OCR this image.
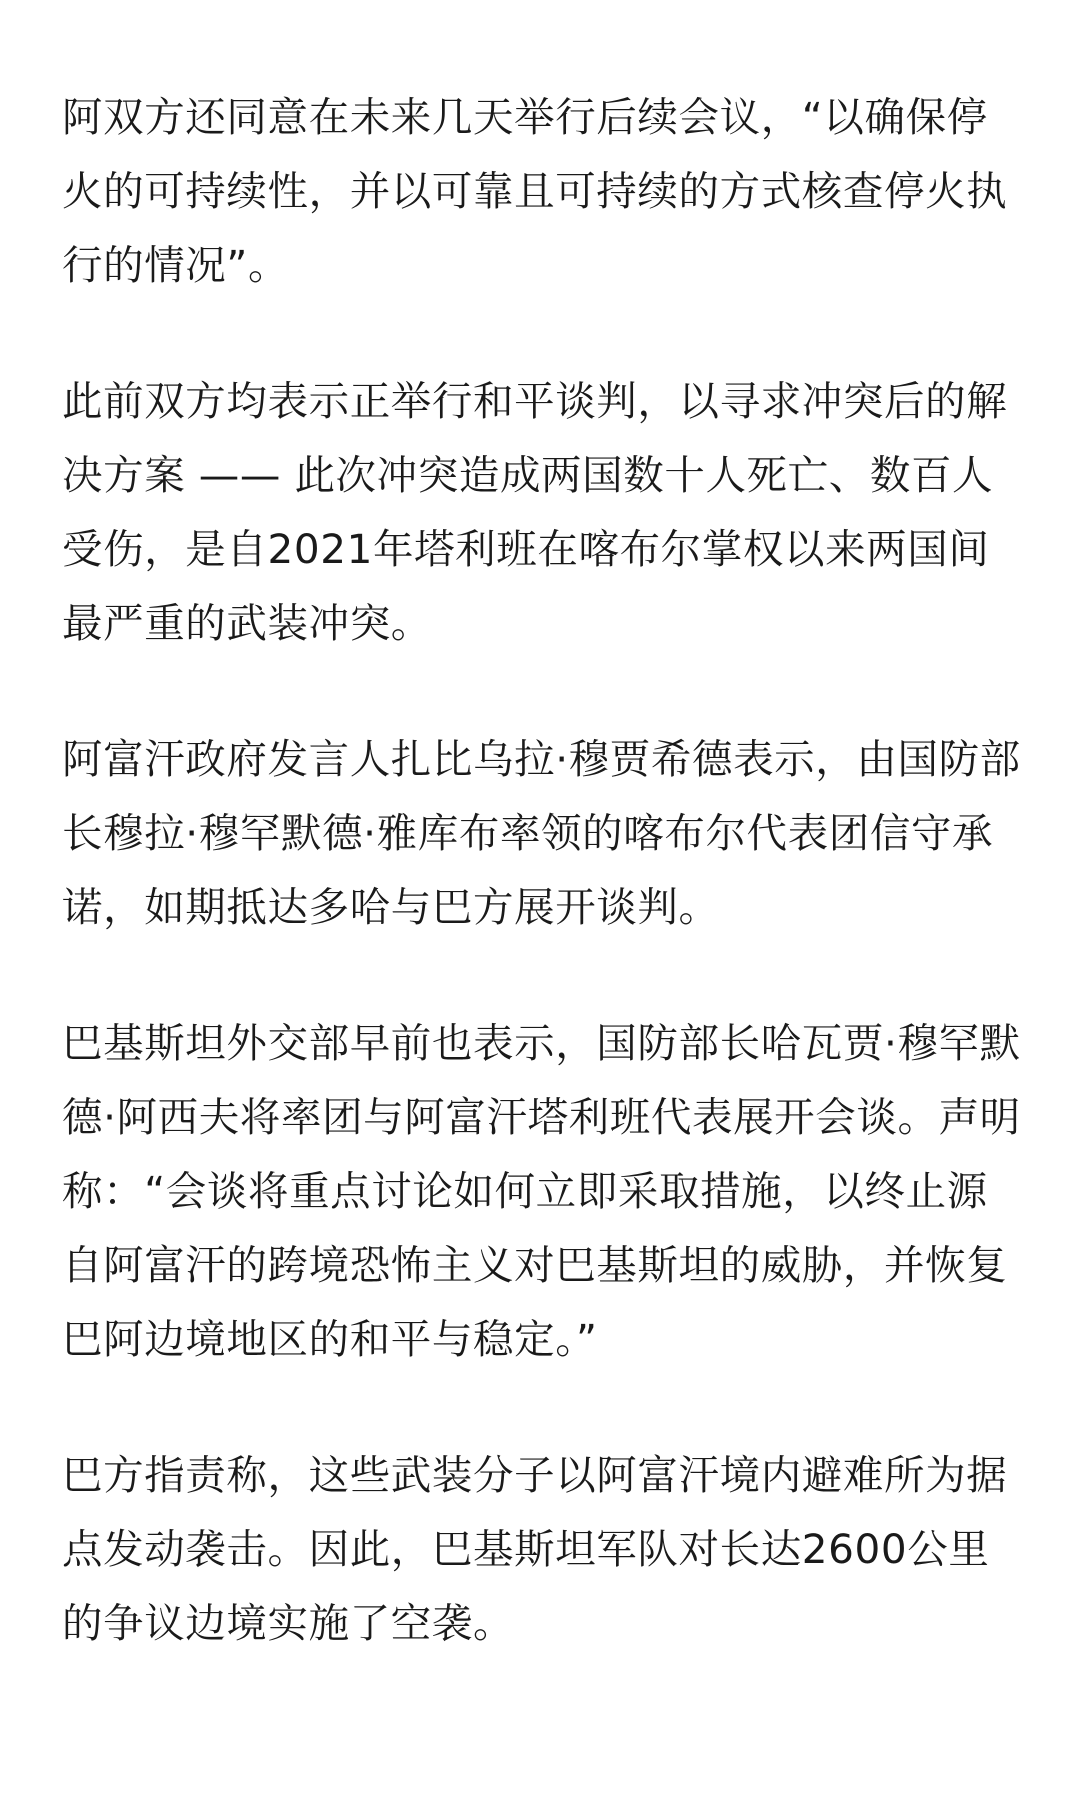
阿双方还同意在未来几天举行后续会议，“以确保停火的可持续性，并以可靠且可持续的方式核查停火执行的情况”。

此前双方均表示正举行和平谈判，以寻求冲突后的解决方案 —— 此次冲突造成两国数十人死亡、数百人受伤，是自2021年塔利班在喀布尔掌权以来两国间最严重的武装冲突。

阿富汗政府发言人扎比乌拉·穆贾希德表示，由国防部长穆拉·穆罕默德·雅库布率领的喀布尔代表团信守承诺，如期抵达多哈与巴方展开谈判。

巴基斯坦外交部早前也表示，国防部长哈瓦贾·穆罕默德·阿西夫将率团与阿富汗塔利班代表展开会谈。声明称：“会谈将重点讨论如何立即采取措施，以终止源自阿富汗的跨境恐怖主义对巴基斯坦的威胁，并恢复巴阿边境地区的和平与稳定。”

巴方指责称，这些武装分子以阿富汗境内避难所为据点发动袭击。因此，巴基斯坦军队对长达2600公里的争议边境实施了空袭。
